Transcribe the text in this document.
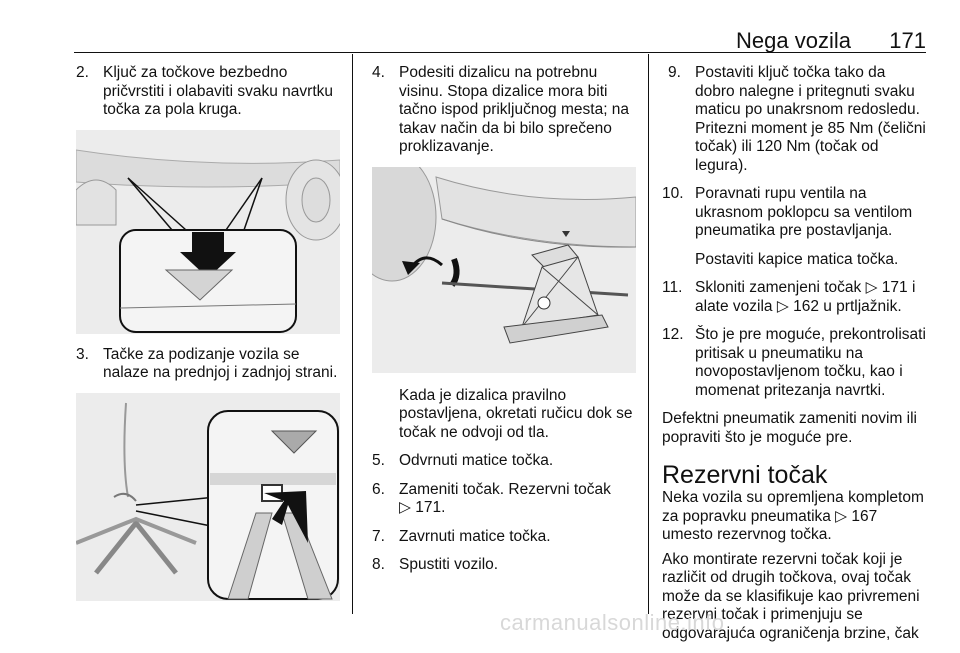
Nega vozila 171
2. Ključ za točkove bezbedno pričvrstiti i olabaviti svaku navrtku točka za pola kruga.
3. Tačke za podizanje vozila se nalaze na prednjoj i zadnjoj strani.
4. Podesiti dizalicu na potrebnu visinu. Stopa dizalice mora biti tačno ispod priključnog mesta; na takav način da bi bilo sprečeno proklizavanje.

Kada je dizalica pravilno postavljena, okretati ručicu dok se točak ne odvoji od tla.

5. Odvrnuti matice točka.
6. Zameniti točak. Rezervni točak
▷ 171.
7. Zavrnuti matice točka.
8. Spustiti vozilo.
9. Postaviti ključ točka tako da dobro nalegne i pritegnuti svaku maticu po unakrsnom redosledu. Pritezni moment je 85 Nm (čelični točak) ili 120 Nm (točak od legura).
10. Poravnati rupu ventila na ukrasnom poklopcu sa ventilom pneumatika pre postavljanja.

Postaviti kapice matica točka.

11. Skloniti zamenjeni točak ▷ 171 i alate vozila ▷ 162 u prtljažnik.
12. Što je pre moguće, prekontrolisati pritisak u pneumatiku na novopostavljenom točku, kao i momenat pritezanja navrtki.

Defektni pneumatik zameniti novim ili popraviti što je moguće pre.

Rezervni točak

Neka vozila su opremljena kompletom za popravku pneumatika ▷ 167 umesto rezervnog točka.

Ako montirate rezervni točak koji je različit od drugih točkova, ovaj točak može da se klasifikuje kao privremeni rezervni točak i primenjuju se odgovarajuća ograničenja brzine, čak

carmanualsonline.info
